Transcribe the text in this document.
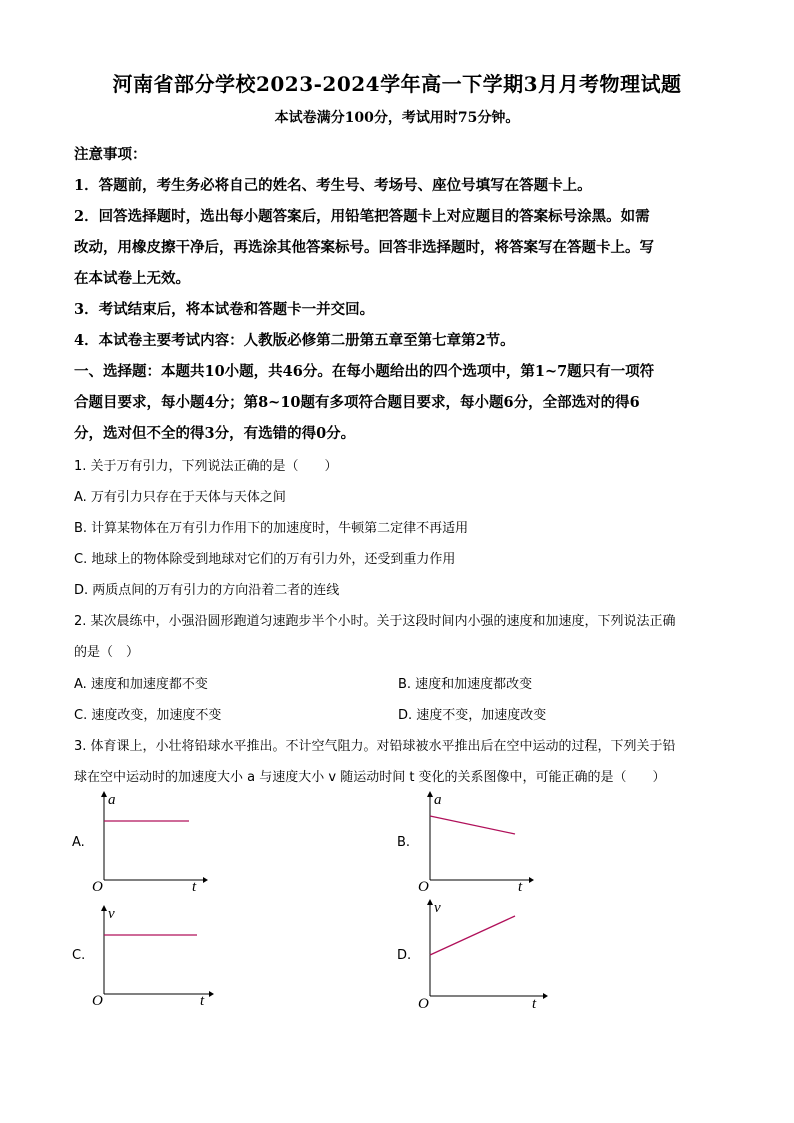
河南省部分学校2023-2024学年高一下学期3月月考物理试题
本试卷满分100分，考试用时75分钟。
注意事项：
1．答题前，考生务必将自己的姓名、考生号、考场号、座位号填写在答题卡上。
2．回答选择题时，选出每小题答案后，用铅笔把答题卡上对应题目的答案标号涂黑。如需
改动，用橡皮擦干净后，再选涂其他答案标号。回答非选择题时，将答案写在答题卡上。写
在本试卷上无效。
3．考试结束后，将本试卷和答题卡一并交回。
4．本试卷主要考试内容：人教版必修第二册第五章至第七章第2节。
一、选择题：本题共10小题，共46分。在每小题给出的四个选项中，第1~7题只有一项符
合题目要求，每小题4分；第8~10题有多项符合题目要求，每小题6分，全部选对的得6
分，选对但不全的得3分，有选错的得0分。
1. 关于万有引力，下列说法正确的是（　　）
A. 万有引力只存在于天体与天体之间
B. 计算某物体在万有引力作用下的加速度时，牛顿第二定律不再适用
C. 地球上的物体除受到地球对它们的万有引力外，还受到重力作用
D. 两质点间的万有引力的方向沿着二者的连线
2. 某次晨练中，小强沿圆形跑道匀速跑步半个小时。关于这段时间内小强的速度和加速度，下列说法正确
的是（　）
A. 速度和加速度都不变	B. 速度和加速度都改变
C. 速度改变，加速度不变	D. 速度不变，加速度改变
3. 体育课上，小壮将铅球水平推出。不计空气阻力。对铅球被水平推出后在空中运动的过程，下列关于铅
球在空中运动时的加速度大小 a 与速度大小 v 随运动时间 t 变化的关系图像中，可能正确的是（　　）
A.
a
O	t
B.
a
O	t
C.
v
O	t
D.
v
O	t
